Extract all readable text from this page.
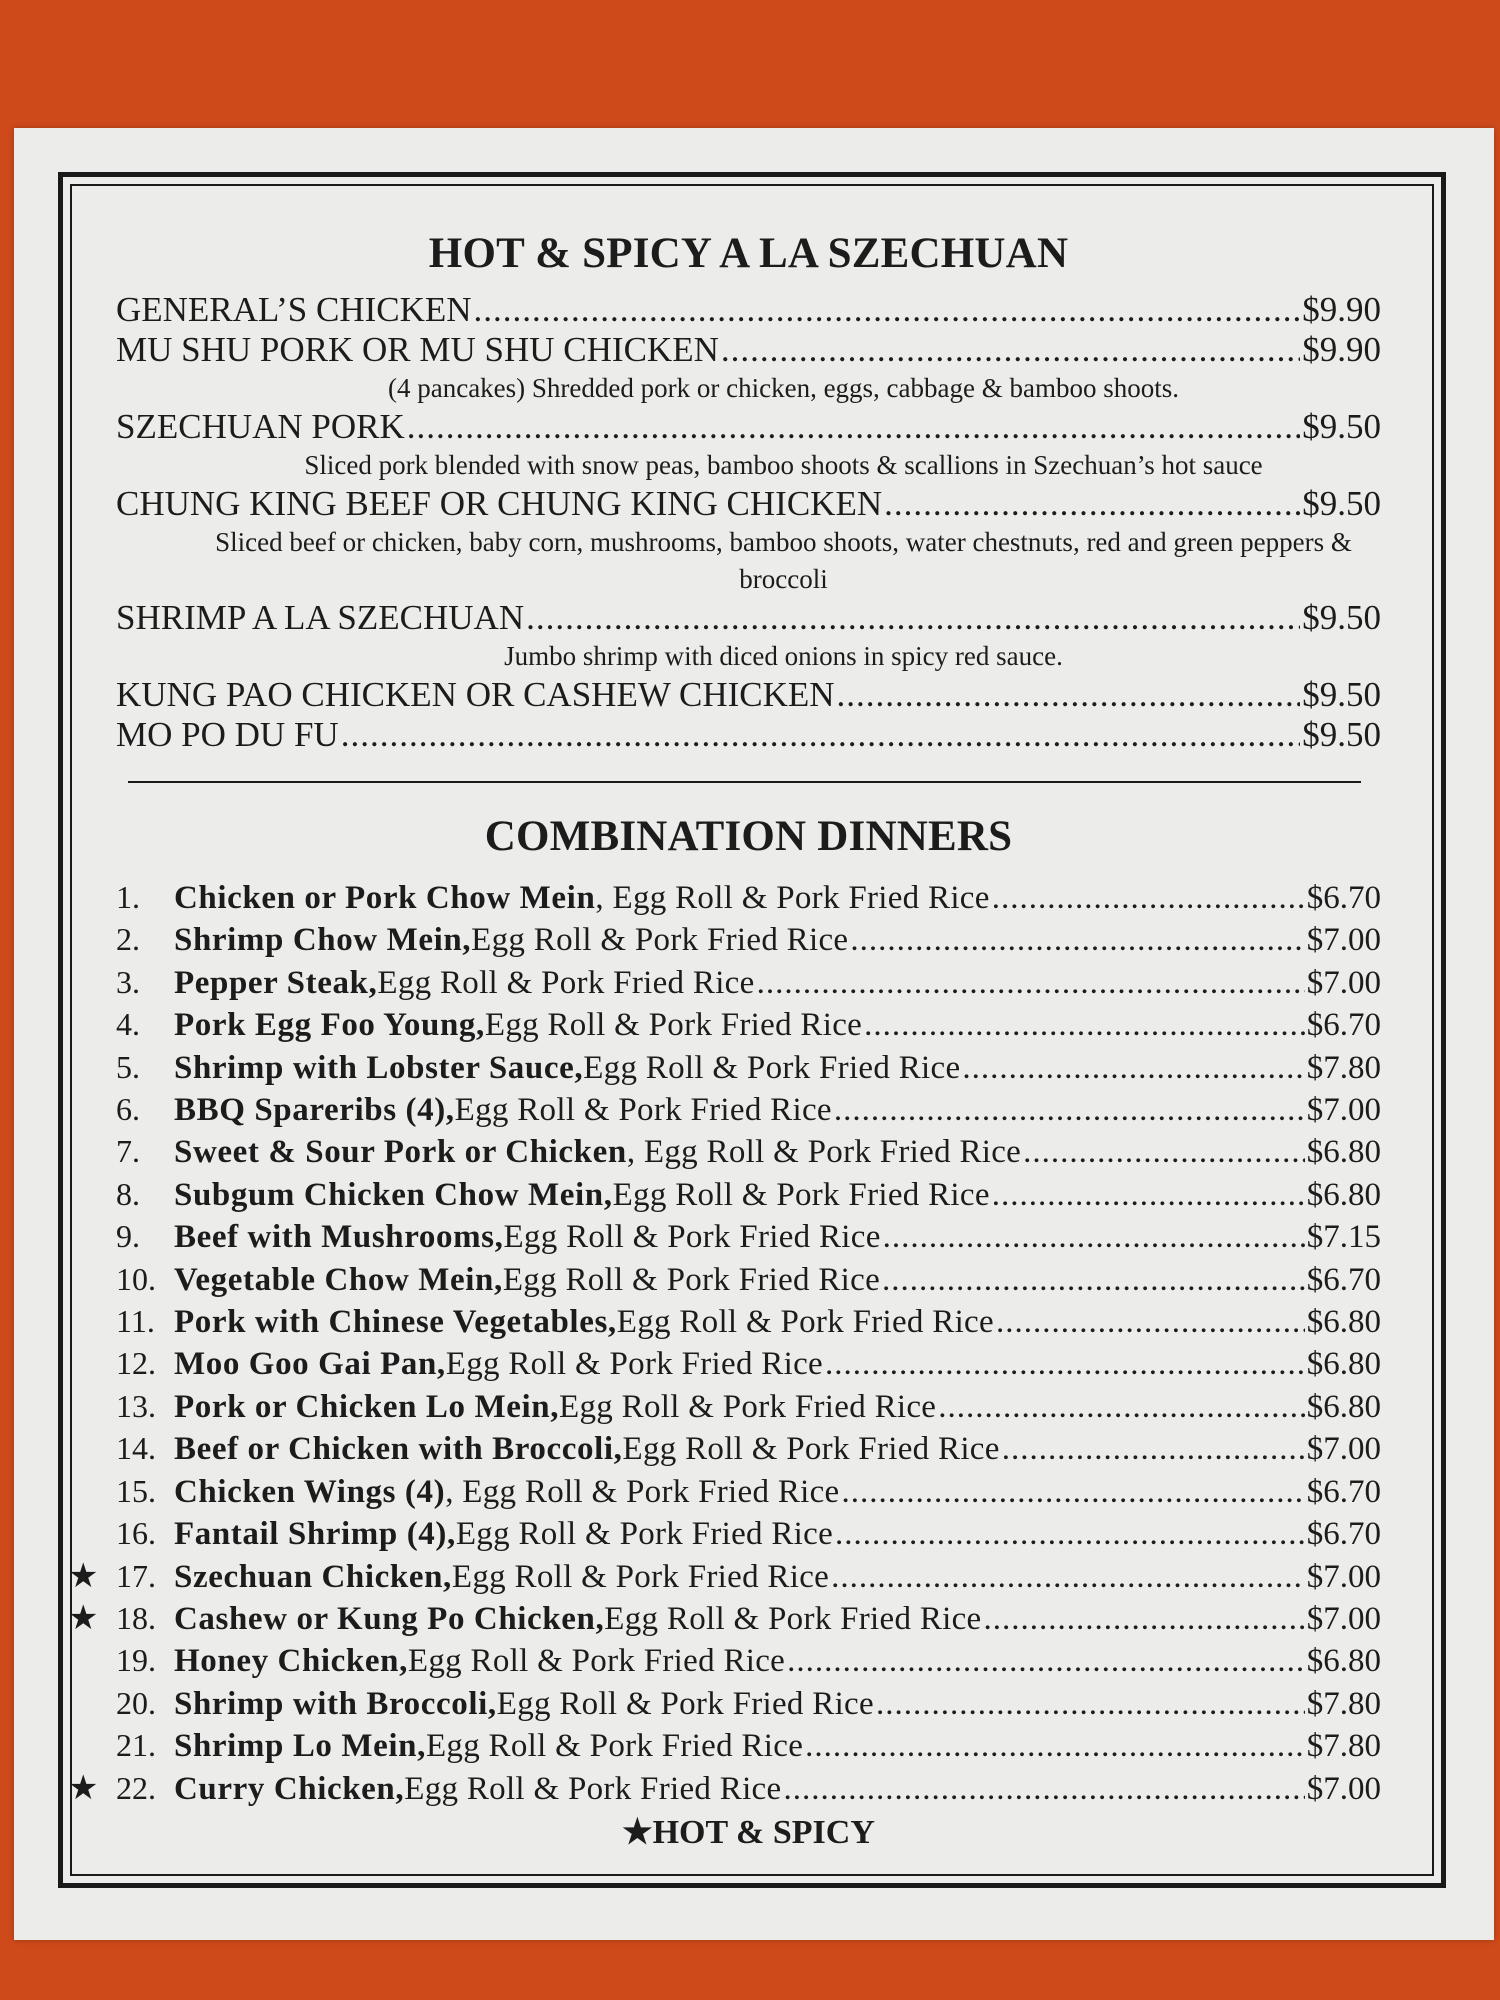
HOT & SPICY A LA SZECHUAN
GENERAL’S CHICKEN .....	$9.90
MU SHU PORK OR MU SHU CHICKEN .....	$9.90
(4 pancakes) Shredded pork or chicken, eggs, cabbage & bamboo shoots.
SZECHUAN PORK .....	$9.50
Sliced pork blended with snow peas, bamboo shoots & scallions in Szechuan’s hot sauce
CHUNG KING BEEF OR CHUNG KING CHICKEN .....	$9.50
Sliced beef or chicken, baby corn, mushrooms, bamboo shoots, water chestnuts, red and green peppers & broccoli
SHRIMP A LA SZECHUAN .....	$9.50
Jumbo shrimp with diced onions in spicy red sauce.
KUNG PAO CHICKEN OR CASHEW CHICKEN .....	$9.50
MO PO DU FU .....	$9.50
COMBINATION DINNERS
1.	Chicken or Pork Chow Mein , Egg Roll & Pork Fried Rice .....	$6.70
2.	Shrimp Chow Mein, Egg Roll & Pork Fried Rice .....	$7.00
3.	Pepper Steak, Egg Roll & Pork Fried Rice .....	$7.00
4.	Pork Egg Foo Young, Egg Roll & Pork Fried Rice .....	$6.70
5.	Shrimp with Lobster Sauce, Egg Roll & Pork Fried Rice .....	$7.80
6.	BBQ Spareribs (4), Egg Roll & Pork Fried Rice .....	$7.00
7.	Sweet & Sour Pork or Chicken , Egg Roll & Pork Fried Rice .....	$6.80
8.	Subgum Chicken Chow Mein, Egg Roll & Pork Fried Rice .....	$6.80
9.	Beef with Mushrooms, Egg Roll & Pork Fried Rice .....	$7.15
10. Vegetable Chow Mein, Egg Roll & Pork Fried Rice .....	$6.70
11. Pork with Chinese Vegetables, Egg Roll & Pork Fried Rice .....	$6.80
12. Moo Goo Gai Pan, Egg Roll & Pork Fried Rice .....	$6.80
13. Pork or Chicken Lo Mein, Egg Roll & Pork Fried Rice .....	$6.80
14. Beef or Chicken with Broccoli, Egg Roll & Pork Fried Rice .....	$7.00
15. Chicken Wings (4) , Egg Roll & Pork Fried Rice .....	$6.70
16. Fantail Shrimp (4), Egg Roll & Pork Fried Rice .....	$6.70
★ 17. Szechuan Chicken, Egg Roll & Pork Fried Rice .....	$7.00
★ 18. Cashew or Kung Po Chicken, Egg Roll & Pork Fried Rice .....	$7.00
19. Honey Chicken, Egg Roll & Pork Fried Rice .....	$6.80
20. Shrimp with Broccoli, Egg Roll & Pork Fried Rice .....	$7.80
21. Shrimp Lo Mein, Egg Roll & Pork Fried Rice .....	$7.80
★ 22. Curry Chicken, Egg Roll & Pork Fried Rice .....	$7.00
★HOT & SPICY
